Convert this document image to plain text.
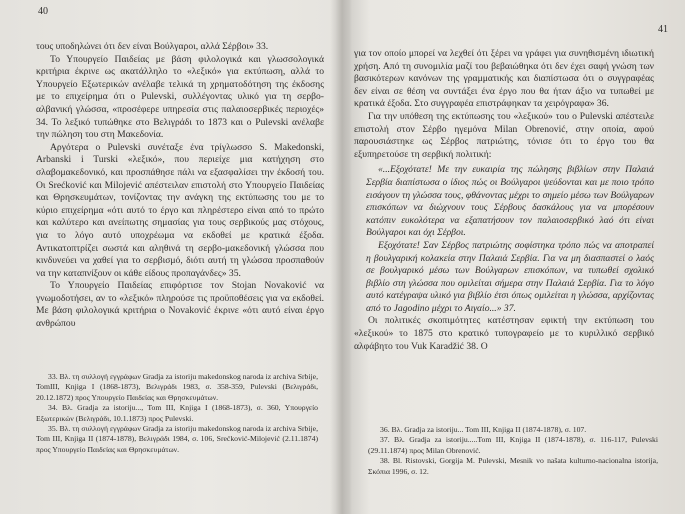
40

τους υποδηλώνει ότι δεν είναι Βούλγαροι, αλλά Σέρβοι» 33.

Το Υπουργείο Παιδείας με βάση φιλολογικά και γλωσσολογικά κριτήρια έκρινε ως ακατάλληλο το «λεξικό» για εκτύπωση, αλλά το Υπουργείο Εξωτερικών ανέλαβε τελικά τη χρηματοδότηση της έκδοσης με το επιχείρημα ότι ο Pulevski, συλλέγοντας υλικό για τη σερβο-αλβανική γλώσσα, «προσέφερε υπηρεσία στις παλαιοσερβικές περιοχές» 34. Το λεξικό τυπώθηκε στο Βελιγράδι το 1873 και ο Pulevski ανέλαβε την πώληση του στη Μακεδονία.

Αργότερα ο Pulevski συνέταξε ένα τρίγλωσσο S. Makedonski, Arbanski i Turski «λεξικό», που περιείχε μια κατήχηση στο σλαβομακεδονικό, και προσπάθησε πάλι να εξασφαλίσει την έκδοσή του. Οι Srećković και Milojević απέστειλαν επιστολή στο Υπουργείο Παιδείας και Θρησκευμάτων, τονίζοντας την ανάγκη της εκτύπωσης του με το κύριο επιχείρημα «ότι αυτό το έργο και πληρέστερο είναι από το πρώτο και καλύτερο και ανείπωτης σημασίας για τους σερβικούς μας στόχους, για το λόγο αυτό υποχρέωμα να εκδοθεί με κρατικά έξοδα. Αντικατοπτρίζει σωστά και αληθινά τη σερβο-μακεδονική γλώσσα που κινδυνεύει να χαθεί για το σερβισμό, διότι αυτή τη γλώσσα προσπαθούν να την καταπνίξουν οι κάθε είδους προπαγάνδες» 35.

Το Υπουργείο Παιδείας επιφόρτισε τον Stojan Novaković να γνωμοδοτήσει, αν το «λεξικό» πληρούσε τις προϋποθέσεις για να εκδοθεί. Με βάση φιλολογικά κριτήρια ο Novaković έκρινε «ότι αυτό είναι έργο ανθρώπου

33. Βλ. τη συλλογή εγγράφων Gradja za istoriju makedonskog naroda iz archiva Srbije, TomIII, Knjiga I (1868-1873), Βελιγράδι 1983, σ. 358-359, Pulevski (Βελιγράδι, 20.12.1872) προς Υπουργείο Παιδείας και Θρησκευμάτων.

34. Βλ. Gradja za istoriju..., Tom III, Knjiga I (1868-1873), σ. 360, Υπουργείο Εξωτερικών (Βελιγράδι, 10.1.1873) προς Pulevski.

35. Βλ. τη συλλογή εγγράφων Gradja za istoriju makedonskog naroda iz archiva Srbije, Tom III, Knjiga II (1874-1878), Βελιγράδι 1984, σ. 106, Srećković-Milojević (2.11.1874) προς Υπουργείο Παιδείας και Θρησκευμάτων.

41

για τον οποίο μπορεί να λεχθεί ότι ξέρει να γράφει για συνηθισμένη ιδιωτική χρήση. Από τη συνομιλία μαζί του βεβαιώθηκα ότι δεν έχει σαφή γνώση των βασικότερων κανόνων της γραμματικής και διαπίστωσα ότι ο συγγραφέας δεν είναι σε θέση να συντάξει ένα έργο που θα ήταν άξιο να τυπωθεί με κρατικά έξοδα. Στο συγγραφέα επιστράφηκαν τα χειρόγραφα» 36.

Για την υπόθεση της εκτύπωσης του «λεξικού» του ο Pulevski απέστειλε επιστολή στον Σέρβο ηγεμόνα Milan Obrenović, στην οποία, αφού παρουσιάστηκε ως Σέρβος πατριώτης, τόνισε ότι το έργο του θα εξυπηρετούσε τη σερβική πολιτική:

«...Εξοχότατε! Με την ευκαιρία της πώλησης βιβλίων στην Παλαιά Σερβία διαπίστωσα ο ίδιος πώς οι Βούλγαροι ψεύδονται και με ποιο τρόπο εισάγουν τη γλώσσα τους, φθάνοντας μέχρι το σημείο μέσω των Βούλγαρων επισκόπων να διώχνουν τους Σέρβους δασκάλους για να μπορέσουν κατόπιν ευκολότερα να εξαπατήσουν τον παλαιοσερβικό λαό ότι είναι Βούλγαροι και όχι Σέρβοι.

Εξοχότατε! Σαν Σέρβος πατριώτης σοφίστηκα τρόπο πώς να αποτραπεί η βουλγαρική κολακεία στην Παλαιά Σερβία. Για να μη διασπαστεί ο λαός σε βουλγαρικό μέσω των Βούλγαρων επισκόπων, να τυπωθεί σχολικό βιβλίο στη γλώσσα που ομιλείται σήμερα στην Παλαιά Σερβία. Για το λόγο αυτό κατέγραψα υλικό για βιβλίο έτσι όπως ομιλείται η γλώσσα, αρχίζοντας από το Jagodino μέχρι το Αιγαίο...» 37.

Οι πολιτικές σκοπιμότητες κατέστησαν εφικτή την εκτύπωση του «λεξικού» το 1875 στο κρατικό τυπογραφείο με το κυριλλικό σερβικό αλφάβητο του Vuk Karadžić 38. Ο

36. Βλ. Gradja za istoriju... Tom III, Knjiga II (1874-1878), σ. 107.

37. Βλ. Gradja za istoriju.....Tom III, Knjiga II (1874-1878), σ. 116-117, Pulevski (29.11.1874) προς Milan Obrenović.

38. Bl. Ristovski, Gorgija M. Pulevski, Mesnik vo našata kulturno-nacionalna istorija, Σκόπια 1996, σ. 12.
